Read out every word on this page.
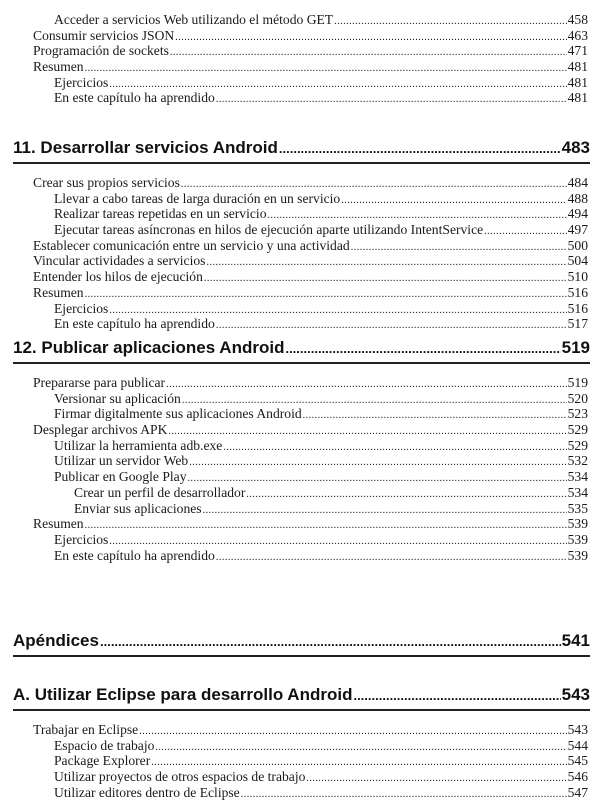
Acceder a servicios Web utilizando el método GET .....	458
Consumir servicios JSON .....	463
Programación de sockets .....	471
Resumen .....	481
Ejercicios .....	481
En este capítulo ha aprendido .....	481
11. Desarrollar servicios Android .....	483
Crear sus propios servicios .....	484
Llevar a cabo tareas de larga duración en un servicio .....	488
Realizar tareas repetidas en un servicio .....	494
Ejecutar tareas asíncronas en hilos de ejecución aparte utilizando IntentService .....	497
Establecer comunicación entre un servicio y una actividad .....	500
Vincular actividades a servicios .....	504
Entender los hilos de ejecución .....	510
Resumen .....	516
Ejercicios .....	516
En este capítulo ha aprendido .....	517
12. Publicar aplicaciones Android .....	519
Prepararse para publicar .....	519
Versionar su aplicación .....	520
Firmar digitalmente sus aplicaciones Android .....	523
Desplegar archivos APK .....	529
Utilizar la herramienta adb.exe .....	529
Utilizar un servidor Web .....	532
Publicar en Google Play .....	534
Crear un perfil de desarrollador .....	534
Enviar sus aplicaciones .....	535
Resumen .....	539
Ejercicios .....	539
En este capítulo ha aprendido .....	539
Apéndices .....	541
A. Utilizar Eclipse para desarrollo Android .....	543
Trabajar en Eclipse .....	543
Espacio de trabajo .....	544
Package Explorer .....	545
Utilizar proyectos de otros espacios de trabajo .....	546
Utilizar editores dentro de Eclipse .....	547
